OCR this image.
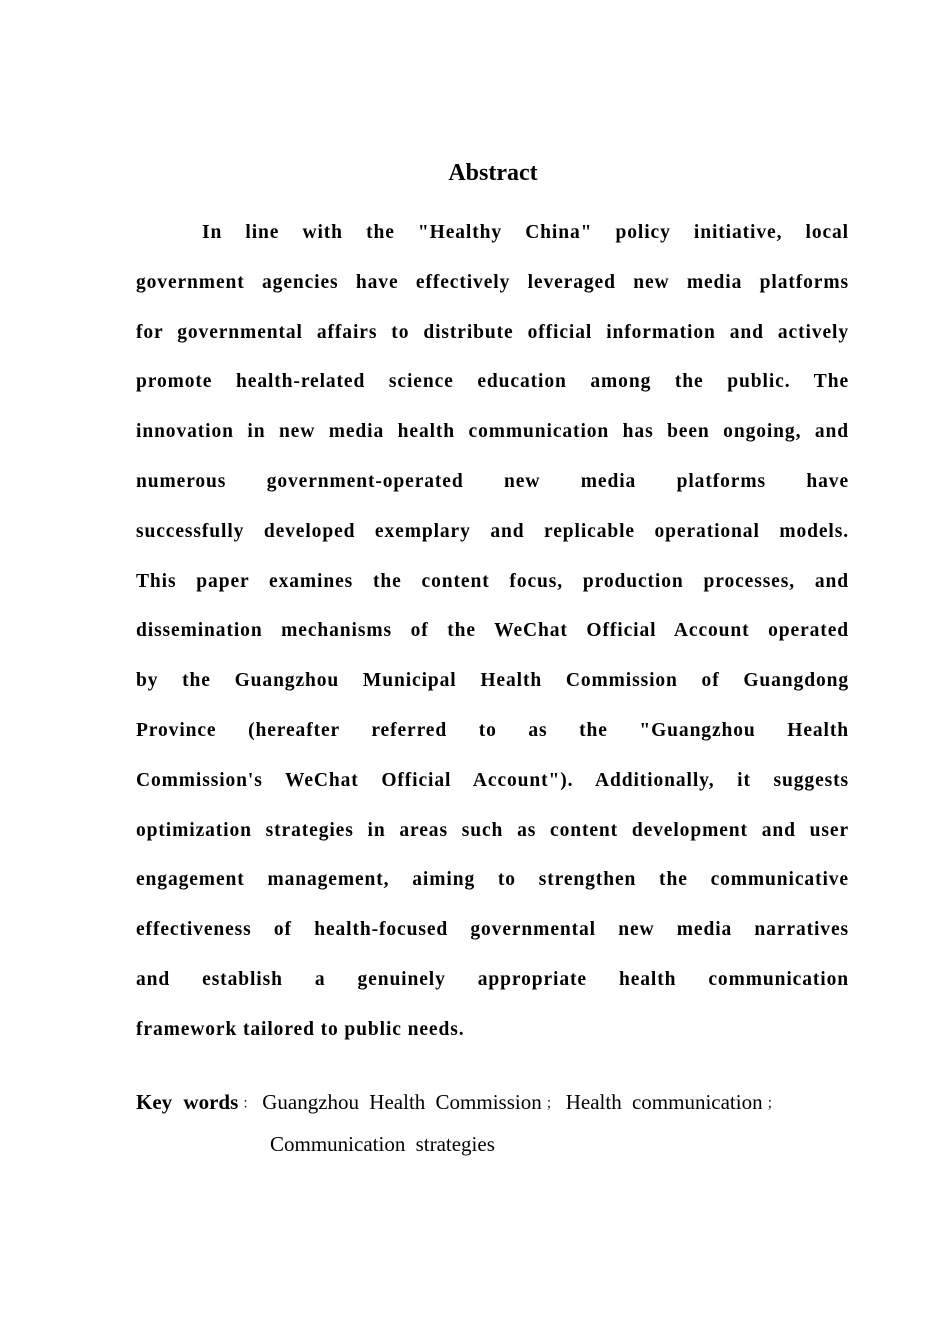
Abstract
In line with the "Healthy China" policy initiative, local
government agencies have effectively leveraged new media platforms
for governmental affairs to distribute official information and actively
promote health-related science education among the public. The
innovation in new media health communication has been ongoing, and
numerous government-operated new media platforms have
successfully developed exemplary and replicable operational models.
This paper examines the content focus, production processes, and
dissemination mechanisms of the WeChat Official Account operated
by the Guangzhou Municipal Health Commission of Guangdong
Province (hereafter referred to as the "Guangzhou Health
Commission's WeChat Official Account"). Additionally, it suggests
optimization strategies in areas such as content development and user
engagement management, aiming to strengthen the communicative
effectiveness of health-focused governmental new media narratives
and establish a genuinely appropriate health communication
framework tailored to public needs.
Key words ： Guangzhou Health Commission ； Health communication ；
Communication strategies
